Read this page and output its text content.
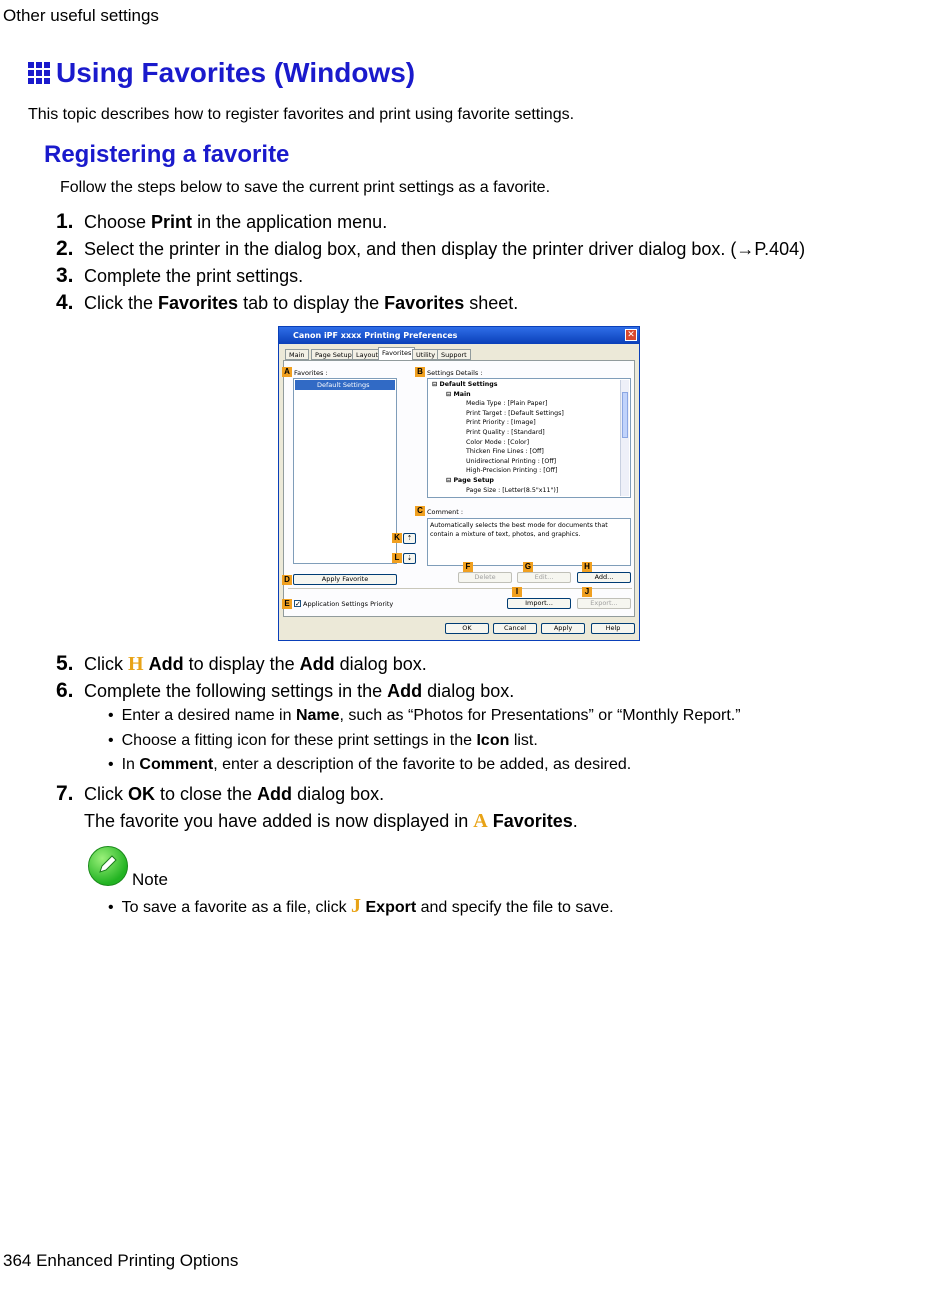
Other useful settings
Using Favorites (Windows)
This topic describes how to register favorites and print using favorite settings.
Registering a favorite
Follow the steps below to save the current print settings as a favorite.
1. Choose Print in the application menu.
2. Select the printer in the dialog box, and then display the printer driver dialog box. (→P.404)
3. Complete the print settings.
4. Click the Favorites tab to display the Favorites sheet.
Canon iPF xxxx Printing Preferences	✕
Main	Page Setup Layout Favorites Utility Support
A Favorites :
Default Settings
B Settings Details :
⊟ Default Settings
⊟ Main
Media Type : [Plain Paper]
Print Target : [Default Settings]
Print Priority : [Image]
Print Quality : [Standard]
Color Mode : [Color]
Thicken Fine Lines : [Off]
Unidirectional Printing : [Off]
High-Precision Printing : [Off]
⊟ Page Setup
Page Size : [Letter(8.5"x11")]
C Comment :
Automatically selects the best mode for documents that contain a mixture of text, photos, and graphics.
K	⇡
L	⇣
F	G	H
D	Apply Favorite	Delete	Edit...	Add...
I	J
E ✓ Application Settings Priority	Import...	Export...
OK	Cancel	Apply	Help
5. Click H Add to display the Add dialog box.
6. Complete the following settings in the Add dialog box.
• Enter a desired name in Name, such as “Photos for Presentations” or “Monthly Report.”
• Choose a fitting icon for these print settings in the Icon list.
• In Comment, enter a description of the favorite to be added, as desired.
7. Click OK to close the Add dialog box.
The favorite you have added is now displayed in A Favorites.
Note
• To save a favorite as a file, click J Export and specify the file to save.
364 Enhanced Printing Options
